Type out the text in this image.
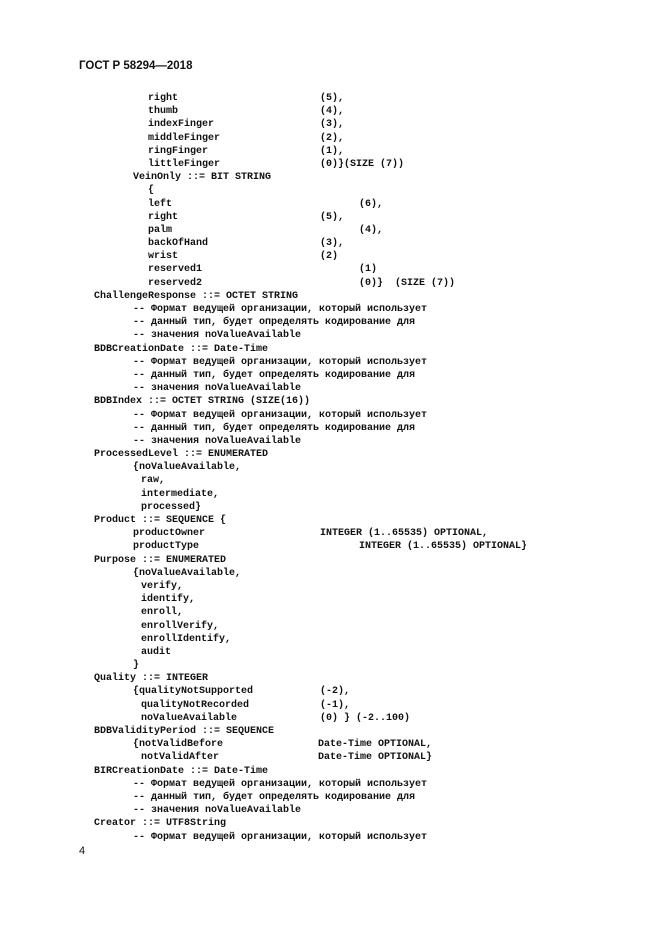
ГОСТ Р 58294—2018
right	(5),
thumb	(4),
indexFinger	(3),
middleFinger	(2),
ringFinger	(1),
littleFinger	(0)}(SIZE (7))
VeinOnly ::= BIT STRING
{
left	(6),
right	(5),
palm	(4),
backOfHand	(3),
wrist	(2)
reserved1	(1)
reserved2	(0)}  (SIZE (7))
ChallengeResponse ::= OCTET STRING
-- Формат ведущей организации, который использует
-- данный тип, будет определять кодирование для
-- значения noValueAvailable
BDBCreationDate ::= Date-Time
-- Формат ведущей организации, который использует
-- данный тип, будет определять кодирование для
-- значения noValueAvailable
BDBIndex ::= OCTET STRING (SIZE(16))
-- Формат ведущей организации, который использует
-- данный тип, будет определять кодирование для
-- значения noValueAvailable
ProcessedLevel ::= ENUMERATED
{noValueAvailable,
raw,
intermediate,
processed}
Product ::= SEQUENCE {
productOwner	INTEGER (1..65535) OPTIONAL,
productType	INTEGER (1..65535) OPTIONAL}
Purpose ::= ENUMERATED
{noValueAvailable,
verify,
identify,
enroll,
enrollVerify,
enrollIdentify,
audit
}
Quality ::= INTEGER
{qualityNotSupported	(-2),
qualityNotRecorded	(-1),
noValueAvailable	(0) } (-2..100)
BDBValidityPeriod ::= SEQUENCE
{notValidBefore	Date-Time OPTIONAL,
notValidAfter	Date-Time OPTIONAL}
BIRCreationDate ::= Date-Time
-- Формат ведущей организации, который использует
-- данный тип, будет определять кодирование для
-- значения noValueAvailable
Creator ::= UTF8String
-- Формат ведущей организации, который использует
4
